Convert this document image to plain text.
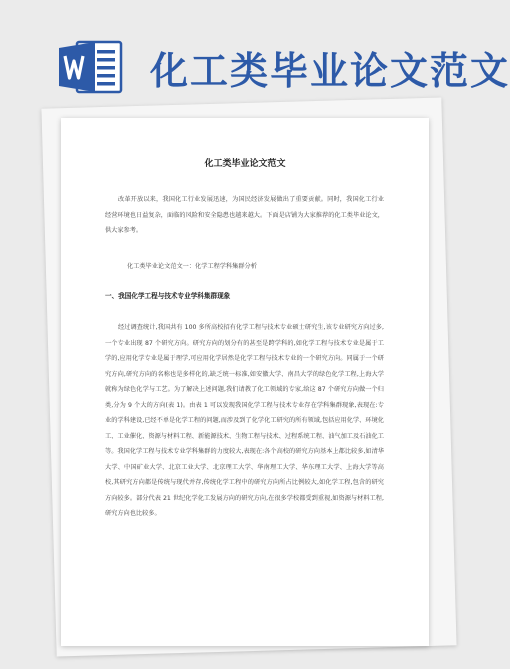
化工类毕业论文范文
化工类毕业论文范文
改革开放以来，我国化工行业发展迅速，为国民经济发展做出了重要贡献。同时，我国化工行业经营环境也日益复杂，面临的风险和安全隐患也越来越大。下面是店铺为大家推荐的化工类毕业论文，供大家参考。
化工类毕业论文范文一：化学工程学科集群分析
一、我国化学工程与技术专业学科集群现象
经过调查统计,我国共有 100 多所高校招有化学工程与技术专业硕士研究生,该专业研究方向过多,一个专业出现 87 个研究方向。研究方向的划分有的甚至是跨学科的,如化学工程与技术专业是属于工学的,应用化学专业是属于理学,可应用化学居然是化学工程与技术专业的一个研究方向。同属于一个研究方向,研究方向的名称也是多样化的,缺乏统一标准,如安徽大学、南昌大学的绿色化学工程,上海大学就称为绿色化学与工艺。为了解决上述问题,我们请教了化工领域的专家,给这 87 个研究方向做一个归类,分为 9 个大的方向(表 1)。由表 1 可以发现我国化学工程与技术专业存在学科集群现象,表现在:专业的学科建设,已经不单是化学工程的问题,而涉及到了化学化工研究的所有领域,包括应用化学、环境化工、工业催化、资源与材料工程、新能源技术、生物工程与技术、过程系统工程、油气加工及石油化工等。我国化学工程与技术专业学科集群的力度较大,表现在:各个高校的研究方向基本上都比较多,如清华大学、中国矿业大学、北京工业大学、北京理工大学、华南理工大学、华东理工大学、上海大学等高校,其研究方向都是传统与现代并存,传统化学工程中的研究方向所占比例较大,如化学工程,包含的研究方向较多。部分代表 21 世纪化学化工发展方向的研究方向,在很多学校都受到重视,如资源与材料工程,研究方向也比较多。
